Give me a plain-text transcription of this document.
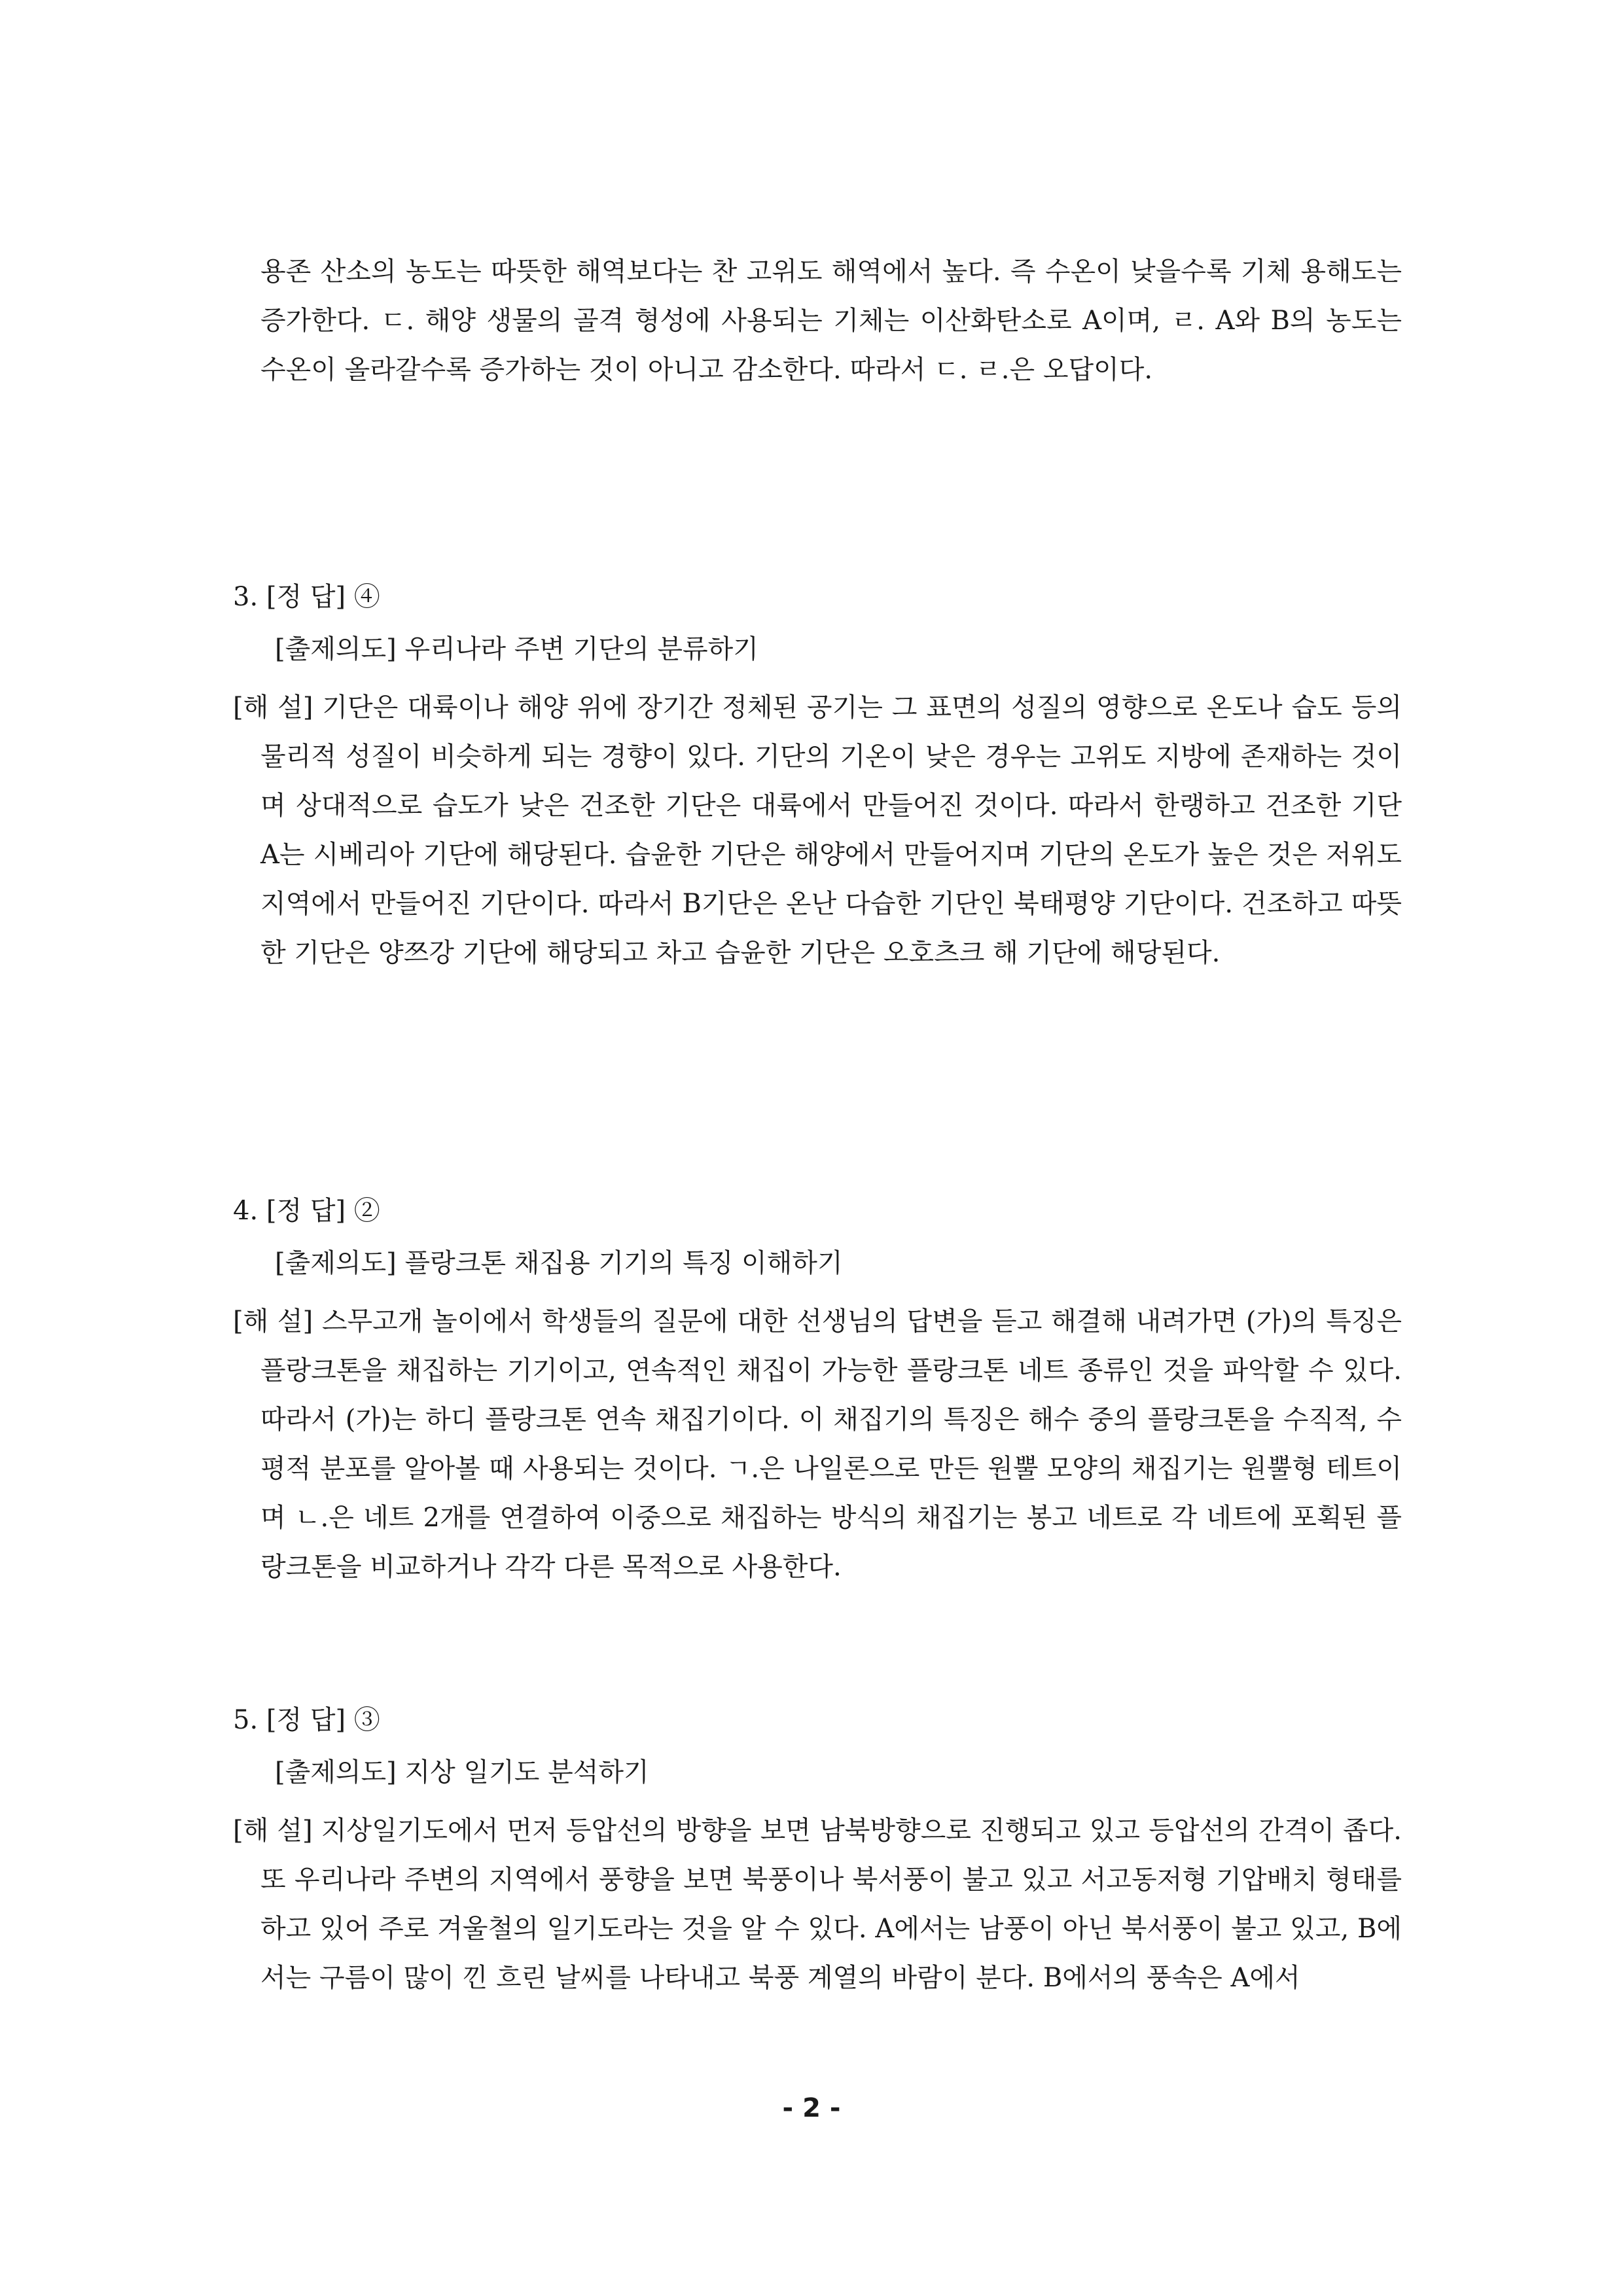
용존 산소의 농도는 따뜻한 해역보다는 찬 고위도 해역에서 높다. 즉 수온이 낮을수록 기체 용해도는 증가한다. ㄷ. 해양 생물의 골격 형성에 사용되는 기체는 이산화탄소로 A이며, ㄹ. A와 B의 농도는 수온이 올라갈수록 증가하는 것이 아니고 감소한다. 따라서 ㄷ. ㄹ.은 오답이다.
3. [정 답] ④
[출제의도] 우리나라 주변 기단의 분류하기
[해 설] 기단은 대륙이나 해양 위에 장기간 정체된 공기는 그 표면의 성질의 영향으로 온도나 습도 등의 물리적 성질이 비슷하게 되는 경향이 있다. 기단의 기온이 낮은 경우는 고위도 지방에 존재하는 것이며 상대적으로 습도가 낮은 건조한 기단은 대륙에서 만들어진 것이다. 따라서 한랭하고 건조한 기단 A는 시베리아 기단에 해당된다. 습윤한 기단은 해양에서 만들어지며 기단의 온도가 높은 것은 저위도 지역에서 만들어진 기단이다. 따라서 B기단은 온난 다습한 기단인 북태평양 기단이다. 건조하고 따뜻한 기단은 양쯔강 기단에 해당되고 차고 습윤한 기단은 오호츠크 해 기단에 해당된다.
4. [정 답] ②
[출제의도] 플랑크톤 채집용 기기의 특징 이해하기
[해 설] 스무고개 놀이에서 학생들의 질문에 대한 선생님의 답변을 듣고 해결해 내려가면 (가)의 특징은 플랑크톤을 채집하는 기기이고, 연속적인 채집이 가능한 플랑크톤 네트 종류인 것을 파악할 수 있다. 따라서 (가)는 하디 플랑크톤 연속 채집기이다. 이 채집기의 특징은 해수 중의 플랑크톤을 수직적, 수평적 분포를 알아볼 때 사용되는 것이다. ㄱ.은 나일론으로 만든 원뿔 모양의 채집기는 원뿔형 테트이며 ㄴ.은 네트 2개를 연결하여 이중으로 채집하는 방식의 채집기는 봉고 네트로 각 네트에 포획된 플랑크톤을 비교하거나 각각 다른 목적으로 사용한다.
5. [정 답] ③
[출제의도] 지상 일기도 분석하기
[해 설] 지상일기도에서 먼저 등압선의 방향을 보면 남북방향으로 진행되고 있고 등압선의 간격이 좁다. 또 우리나라 주변의 지역에서 풍향을 보면 북풍이나 북서풍이 불고 있고 서고동저형 기압배치 형태를 하고 있어 주로 겨울철의 일기도라는 것을 알 수 있다. A에서는 남풍이 아닌 북서풍이 불고 있고, B에서는 구름이 많이 낀 흐린 날씨를 나타내고 북풍 계열의 바람이 분다. B에서의 풍속은 A에서
- 2 -
